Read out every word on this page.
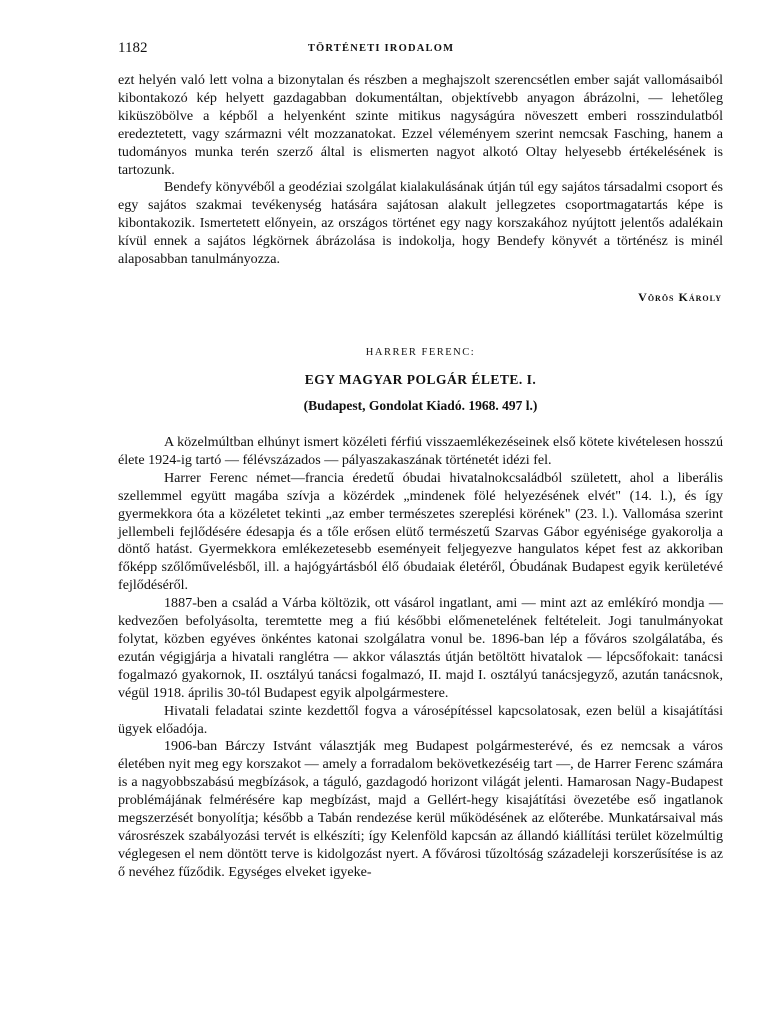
1182	TÖRTÉNETI IRODALOM

ezt helyén való lett volna a bizonytalan és részben a meghajszolt szerencsétlen ember saját vallomásaiból kibontakozó kép helyett gazdagabban dokumentáltan, objektívebb anyagon ábrázolni, — lehetőleg kiküszöbölve a képből a helyenként szinte mitikus nagyságúra növeszett emberi rosszindulatból eredeztetett, vagy származni vélt mozzanatokat. Ezzel véleményem szerint nemcsak Fasching, hanem a tudományos munka terén szerző által is elismerten nagyot alkotó Oltay helyesebb értékelésének is tartozunk.

Bendefy könyvéből a geodéziai szolgálat kialakulásának útján túl egy sajátos társadalmi csoport és egy sajátos szakmai tevékenység hatására sajátosan alakult jellegzetes csoportmagatartás képe is kibontakozik. Ismertetett előnyein, az országos történet egy nagy korszakához nyújtott jelentős adalékain kívül ennek a sajátos légkörnek ábrázolása is indokolja, hogy Bendefy könyvét a történész is minél alaposabban tanulmányozza.

Vörös Károly
HARRER FERENC:
EGY MAGYAR POLGÁR ÉLETE. I.
(Budapest, Gondolat Kiadó. 1968. 497 l.)

A közelmúltban elhúnyt ismert közéleti férfiú visszaemlékezéseinek első kötete kivételesen hosszú élete 1924-ig tartó — félévszázados — pályaszakaszának történetét idézi fel.

Harrer Ferenc német—francia éredetű óbudai hivatalnokcsaládból született, ahol a liberális szellemmel együtt magába szívja a közérdek „mindenek fölé helyezésének elvét" (14. l.), és így gyermekkora óta a közéletet tekinti „az ember természetes szereplési körének" (23. l.). Vallomása szerint jellembeli fejlődésére édesapja és a tőle erősen elütő természetű Szarvas Gábor egyénisége gyakorolja a döntő hatást. Gyermekkora emlékezetesebb eseményeit feljegyezve hangulatos képet fest az akkoriban főképp szőlőművelésből, ill. a hajógyártásból élő óbudaiak életéről, Óbudának Budapest egyik kerületévé fejlődéséről.

1887-ben a család a Várba költözik, ott vásárol ingatlant, ami — mint azt az emlékíró mondja — kedvezően befolyásolta, teremtette meg a fiú későbbi előmenetelének feltételeit. Jogi tanulmányokat folytat, közben egyéves önkéntes katonai szolgálatra vonul be. 1896-ban lép a főváros szolgálatába, és ezután végigjárja a hivatali ranglétra — akkor választás útján betöltött hivatalok — lépcsőfokait: tanácsi fogalmazó gyakornok, II. osztályú tanácsi fogalmazó, II. majd I. osztályú tanácsjegyző, azután tanácsnok, végül 1918. április 30-tól Budapest egyik alpolgármestere.

Hivatali feladatai szinte kezdettől fogva a városépítéssel kapcsolatosak, ezen belül a kisajátítási ügyek előadója.

1906-ban Bárczy Istvánt választják meg Budapest polgármesterévé, és ez nemcsak a város életében nyit meg egy korszakot — amely a forradalom bekövetkezéséig tart —, de Harrer Ferenc számára is a nagyobbszabású megbízások, a táguló, gazdagodó horizont világát jelenti. Hamarosan Nagy-Budapest problémájának felmérésére kap megbízást, majd a Gellért-hegy kisajátítási övezetébe eső ingatlanok megszerzését bonyolítja; később a Tabán rendezése kerül működésének az előterébe. Munkatársaival más városrészek szabályozási tervét is elkészíti; így Kelenföld kapcsán az állandó kiállítási terület közelmúltig véglegesen el nem döntött terve is kidolgozást nyert. A fővárosi tűzoltóság századeleji korszerűsítése is az ő nevéhez fűződik. Egységes elveket igyeke-
